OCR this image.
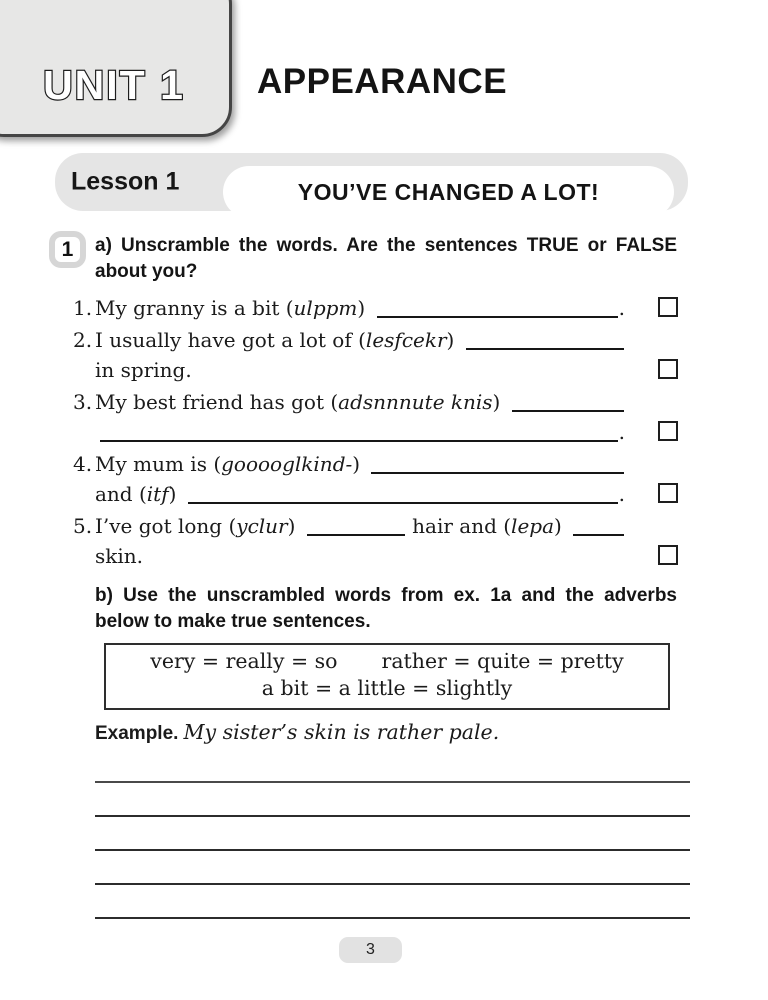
UNIT 1 APPEARANCE
Lesson 1	YOU’VE CHANGED A LOT!
1	a) Unscramble the words. Are the sentences TRUE or FALSE
about you?
1. My granny is a bit ( ulppm )	.
2. I usually have got a lot of ( lesfcekr )
in spring.
3. My best friend has got ( adsnnnute knis )
.
4. My mum is ( gooooglkind- )
and ( itf )	.
5. I’ve got long ( yclur )	hair and ( lepa )
skin.
b) Use the unscrambled words from ex. 1a and the adverbs
below to make true sentences.
very = really = so rather = quite = pretty
a bit = a little = slightly
Example. My sister’s skin is rather pale.
3
